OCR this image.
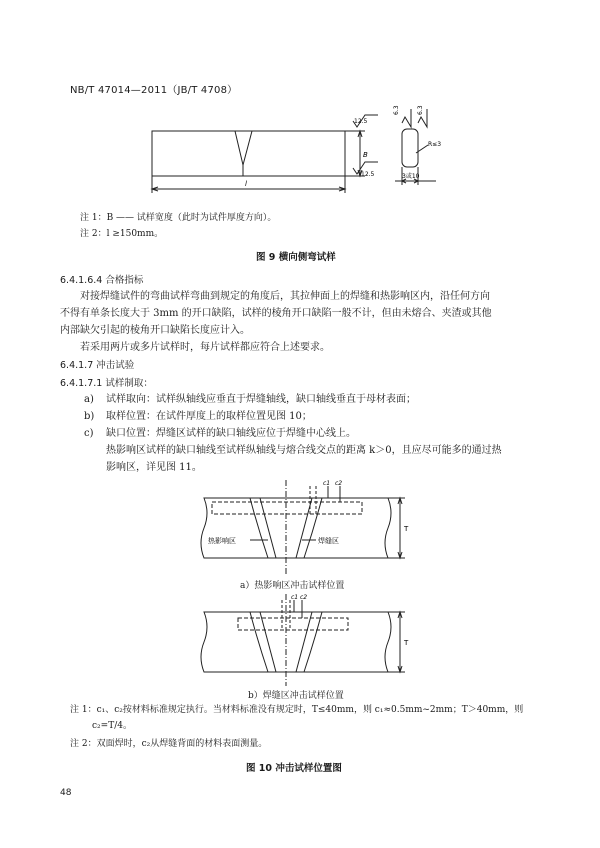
NB/T 47014—2011（JB/T 4708）
12.5
12.5
6.3	6.3
B
l
R≤3
3或10
注 1：B —— 试样宽度（此时为试件厚度方向）。
注 2：l ≥150mm。
图 9 横向侧弯试样
6.4.1.6.4 合格指标
对接焊缝试件的弯曲试样弯曲到规定的角度后，其拉伸面上的焊缝和热影响区内，沿任何方向
不得有单条长度大于 3mm 的开口缺陷，试样的棱角开口缺陷一般不计，但由未熔合、夹渣或其他
内部缺欠引起的棱角开口缺陷长度应计入。
若采用两片或多片试样时，每片试样都应符合上述要求。
6.4.1.7 冲击试验
6.4.1.7.1 试样制取：
a) 试样取向：试样纵轴线应垂直于焊缝轴线，缺口轴线垂直于母材表面；
b) 取样位置：在试件厚度上的取样位置见图 10；
c) 缺口位置：焊缝区试样的缺口轴线应位于焊缝中心线上。
热影响区试样的缺口轴线至试样纵轴线与熔合线交点的距离 k＞0，且应尽可能多的通过热
影响区，详见图 11。
c1 c2
T
热影响区	焊缝区
a）热影响区冲击试样位置
c1 c2
T
b）焊缝区冲击试样位置
注 1：c₁、c₂按材料标准规定执行。当材料标准没有规定时，T≤40mm，则 c₁≈0.5mm~2mm；T＞40mm，则
c₂=T/4。
注 2：双面焊时，c₂从焊缝背面的材料表面测量。
图 10 冲击试样位置图
48
